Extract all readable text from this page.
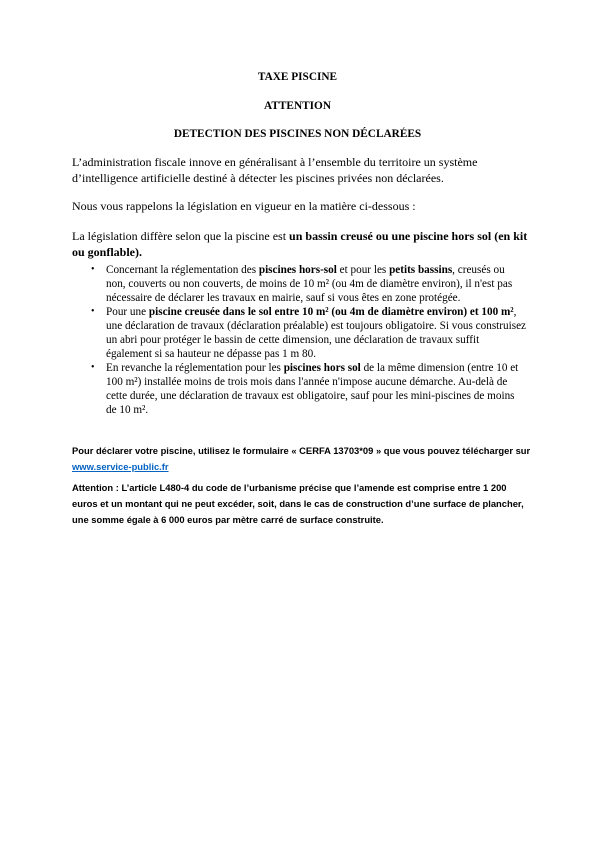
TAXE PISCINE
ATTENTION
DETECTION DES PISCINES NON DÉCLARÉES
L’administration fiscale innove en généralisant à l’ensemble du territoire un système d’intelligence artificielle destiné à détecter les piscines privées non déclarées.
Nous vous rappelons la législation en vigueur en la matière ci-dessous :
La législation diffère selon que la piscine est un bassin creusé ou une piscine hors sol (en kit ou gonflable).
• Concernant la réglementation des piscines hors-sol et pour les petits bassins, creusés ou non, couverts ou non couverts, de moins de 10 m² (ou 4m de diamètre environ), il n'est pas nécessaire de déclarer les travaux en mairie, sauf si vous êtes en zone protégée.
• Pour une piscine creusée dans le sol entre 10 m² (ou 4m de diamètre environ) et 100 m², une déclaration de travaux (déclaration préalable) est toujours obligatoire. Si vous construisez un abri pour protéger le bassin de cette dimension, une déclaration de travaux suffit également si sa hauteur ne dépasse pas 1 m 80.
• En revanche la réglementation pour les piscines hors sol de la même dimension (entre 10 et 100 m²) installée moins de trois mois dans l'année n'impose aucune démarche. Au-delà de cette durée, une déclaration de travaux est obligatoire, sauf pour les mini-piscines de moins de 10 m².
Pour déclarer votre piscine, utilisez le formulaire « CERFA 13703*09 » que vous pouvez télécharger sur www.service-public.fr
Attention : L’article L480-4 du code de l’urbanisme précise que l’amende est comprise entre 1 200 euros et un montant qui ne peut excéder, soit, dans le cas de construction d’une surface de plancher, une somme égale à 6 000 euros par mètre carré de surface construite.
